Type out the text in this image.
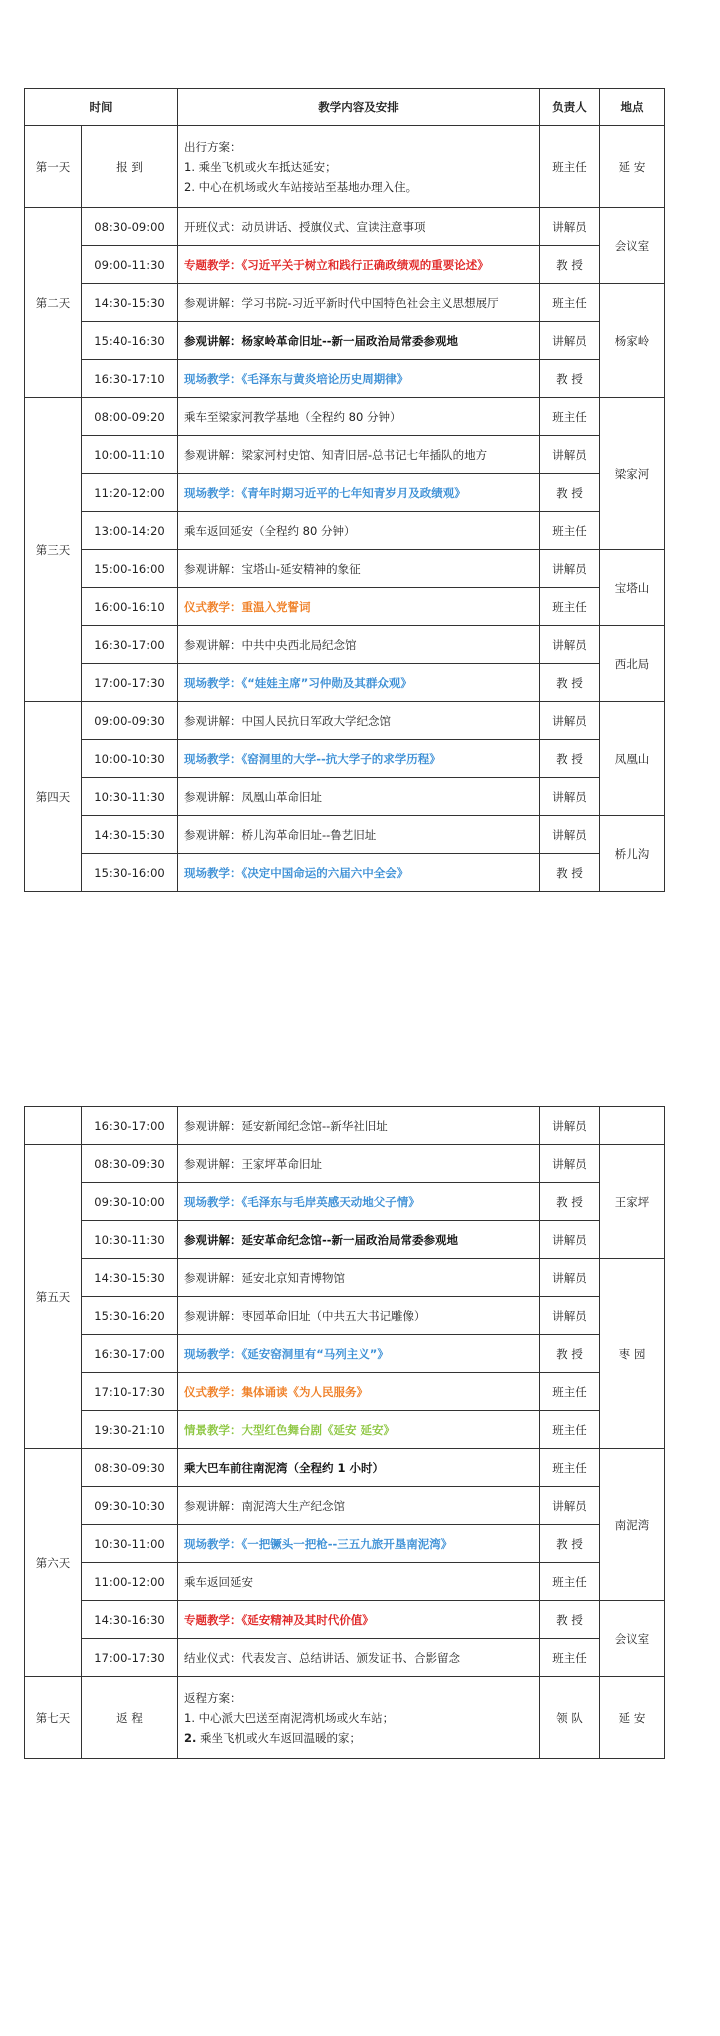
时间		教学内容及安排	负责人	地点
第一天	报 到	出行方案：
1. 乘坐飞机或火车抵达延安；
2. 中心在机场或火车站接站至基地办理入住。	班主任	延 安
第二天	08:30-09:00	开班仪式：动员讲话、授旗仪式、宣读注意事项	讲解员	会议室
	09:00-11:30	专题教学：《习近平关于树立和践行正确政绩观的重要论述》	教 授	
	14:30-15:30	参观讲解：学习书院-习近平新时代中国特色社会主义思想展厅	班主任	杨家岭
	15:40-16:30	参观讲解：杨家岭革命旧址--新一届政治局常委参观地	讲解员	
	16:30-17:10	现场教学：《毛泽东与黄炎培论历史周期律》	教 授	
第三天	08:00-09:20	乘车至梁家河教学基地（全程约 80 分钟）	班主任	梁家河
	10:00-11:10	参观讲解：梁家河村史馆、知青旧居-总书记七年插队的地方	讲解员	
	11:20-12:00	现场教学：《青年时期习近平的七年知青岁月及政绩观》	教 授	
	13:00-14:20	乘车返回延安（全程约 80 分钟）	班主任	
	15:00-16:00	参观讲解：宝塔山-延安精神的象征	讲解员	宝塔山
	16:00-16:10	仪式教学：重温入党誓词	班主任	
	16:30-17:00	参观讲解：中共中央西北局纪念馆	讲解员	西北局
	17:00-17:30	现场教学：《“娃娃主席”习仲勋及其群众观》	教 授	
第四天	09:00-09:30	参观讲解：中国人民抗日军政大学纪念馆	讲解员	凤凰山
	10:00-10:30	现场教学：《窑洞里的大学--抗大学子的求学历程》	教 授	
	10:30-11:30	参观讲解：凤凰山革命旧址	讲解员	
	14:30-15:30	参观讲解：桥儿沟革命旧址--鲁艺旧址	讲解员	桥儿沟
	15:30-16:00	现场教学：《决定中国命运的六届六中全会》	教 授	
	16:30-17:00	参观讲解：延安新闻纪念馆--新华社旧址	讲解员	
第五天	08:30-09:30	参观讲解：王家坪革命旧址	讲解员	王家坪
	09:30-10:00	现场教学：《毛泽东与毛岸英感天动地父子情》	教 授	
	10:30-11:30	参观讲解：延安革命纪念馆--新一届政治局常委参观地	讲解员	
	14:30-15:30	参观讲解：延安北京知青博物馆	讲解员	枣 园
	15:30-16:20	参观讲解：枣园革命旧址（中共五大书记雕像）	讲解员	
	16:30-17:00	现场教学：《延安窑洞里有“马列主义”》	教 授	
	17:10-17:30	仪式教学：集体诵读《为人民服务》	班主任	
	19:30-21:10	情景教学：大型红色舞台剧《延安 延安》	班主任	
第六天	08:30-09:30	乘大巴车前往南泥湾（全程约 1 小时）	班主任	南泥湾
	09:30-10:30	参观讲解：南泥湾大生产纪念馆	讲解员	
	10:30-11:00	现场教学：《一把镢头一把枪--三五九旅开垦南泥湾》	教 授	
	11:00-12:00	乘车返回延安	班主任	
	14:30-16:30	专题教学：《延安精神及其时代价值》	教 授	会议室
	17:00-17:30	结业仪式：代表发言、总结讲话、颁发证书、合影留念	班主任	
第七天	返 程	返程方案：
1. 中心派大巴送至南泥湾机场或火车站；
2. 乘坐飞机或火车返回温暖的家；	领 队	延 安
